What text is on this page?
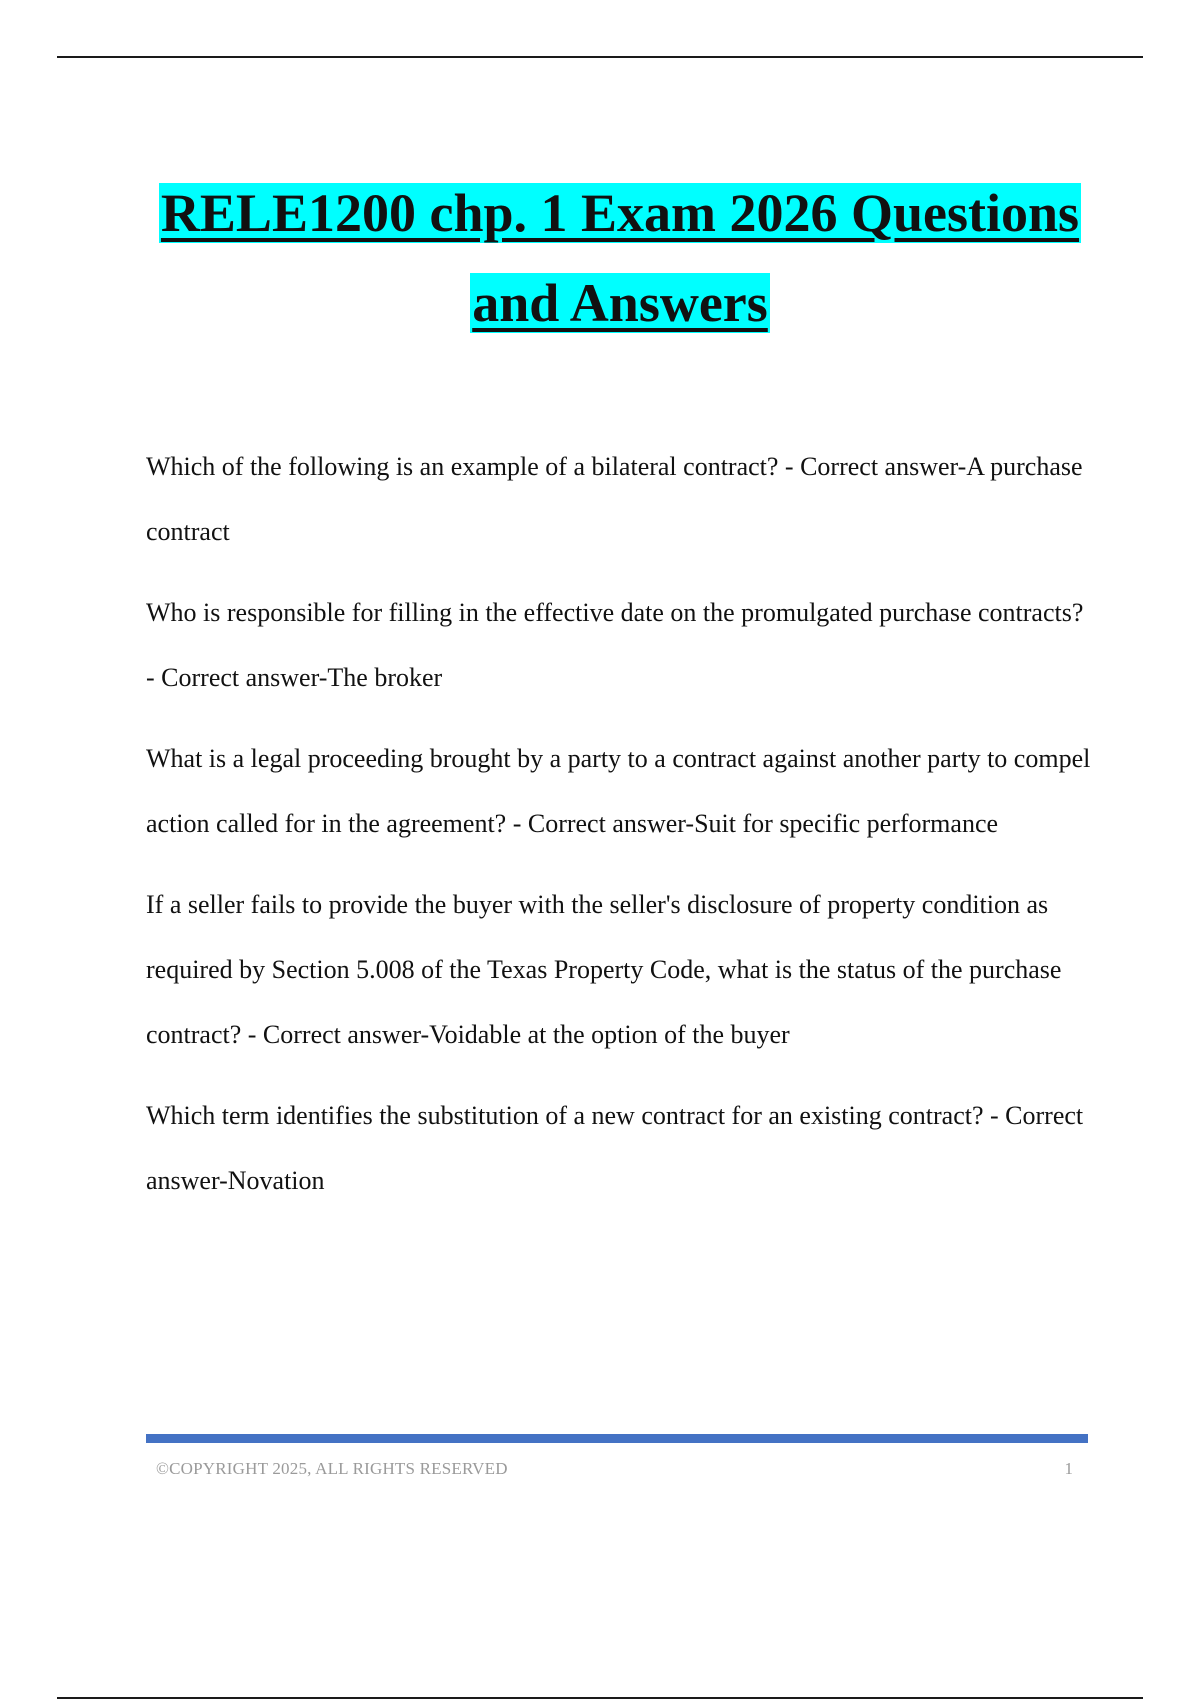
RELE1200 chp. 1 Exam 2026 Questions
and Answers

Which of the following is an example of a bilateral contract? - Correct answer-A purchase contract

Who is responsible for filling in the effective date on the promulgated purchase contracts? - Correct answer-The broker

What is a legal proceeding brought by a party to a contract against another party to compel action called for in the agreement? - Correct answer-Suit for specific performance

If a seller fails to provide the buyer with the seller's disclosure of property condition as required by Section 5.008 of the Texas Property Code, what is the status of the purchase contract? - Correct answer-Voidable at the option of the buyer

Which term identifies the substitution of a new contract for an existing contract? - Correct answer-Novation

©COPYRIGHT 2025, ALL RIGHTS RESERVED	1
